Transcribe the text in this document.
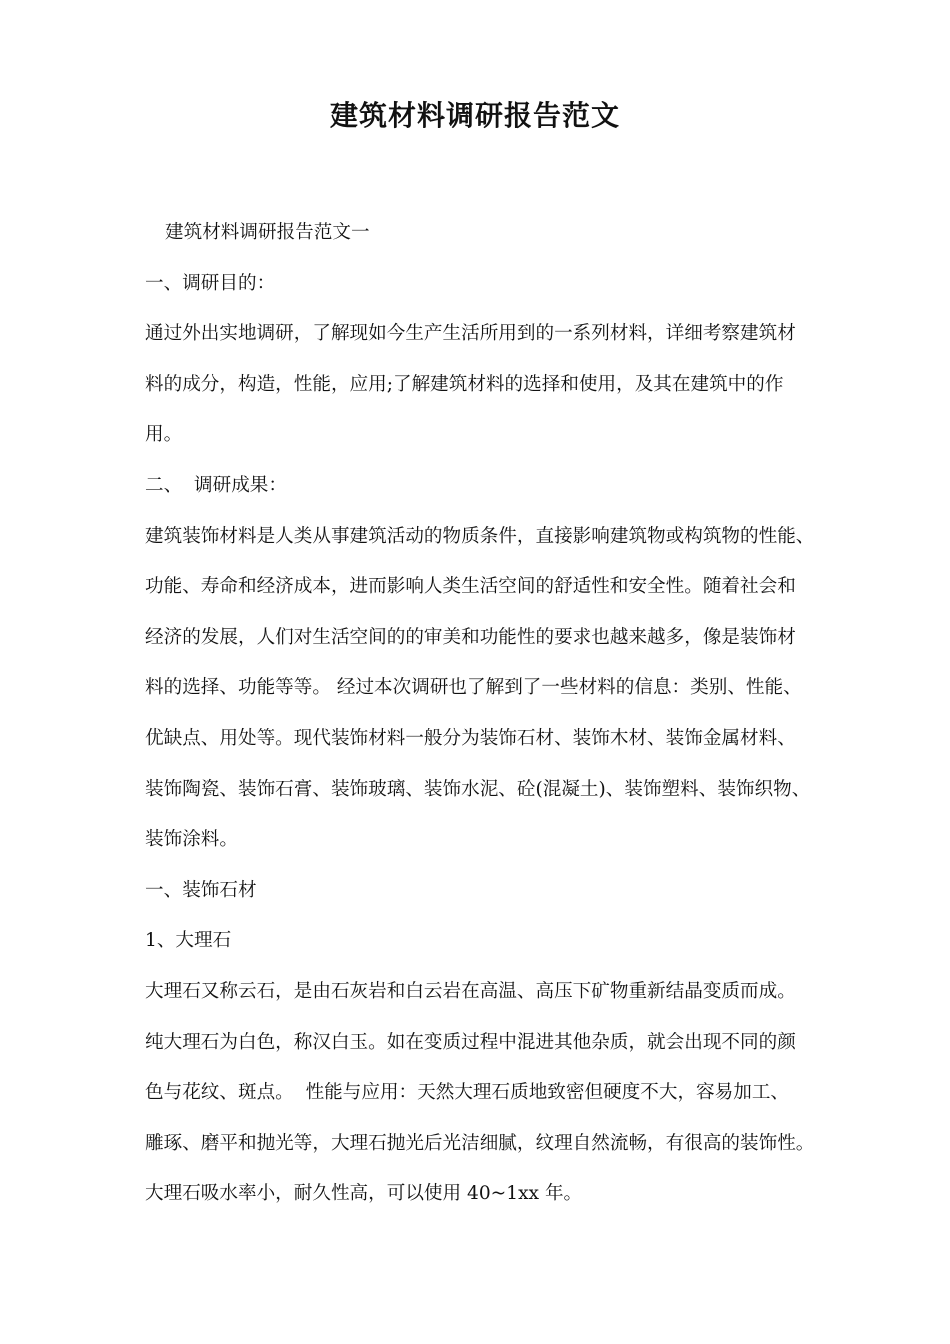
建筑材料调研报告范文
建筑材料调研报告范文一
一、调研目的：
通过外出实地调研，了解现如今生产生活所用到的一系列材料，详细考察建筑材
料的成分，构造，性能，应用;了解建筑材料的选择和使用，及其在建筑中的作
用。
二、  调研成果：
建筑装饰材料是人类从事建筑活动的物质条件，直接影响建筑物或构筑物的性能、
功能、寿命和经济成本，进而影响人类生活空间的舒适性和安全性。随着社会和
经济的发展，人们对生活空间的的审美和功能性的要求也越来越多，像是装饰材
料的选择、功能等等。 经过本次调研也了解到了一些材料的信息：类别、性能、
优缺点、用处等。现代装饰材料一般分为装饰石材、装饰木材、装饰金属材料、
装饰陶瓷、装饰石膏、装饰玻璃、装饰水泥、砼(混凝土)、装饰塑料、装饰织物、
装饰涂料。
一、装饰石材
1、大理石
大理石又称云石，是由石灰岩和白云岩在高温、高压下矿物重新结晶变质而成。
纯大理石为白色，称汉白玉。如在变质过程中混进其他杂质，就会出现不同的颜
色与花纹、斑点。  性能与应用：天然大理石质地致密但硬度不大，容易加工、
雕琢、磨平和抛光等，大理石抛光后光洁细腻，纹理自然流畅，有很高的装饰性。
大理石吸水率小，耐久性高，可以使用 40~1xx 年。
